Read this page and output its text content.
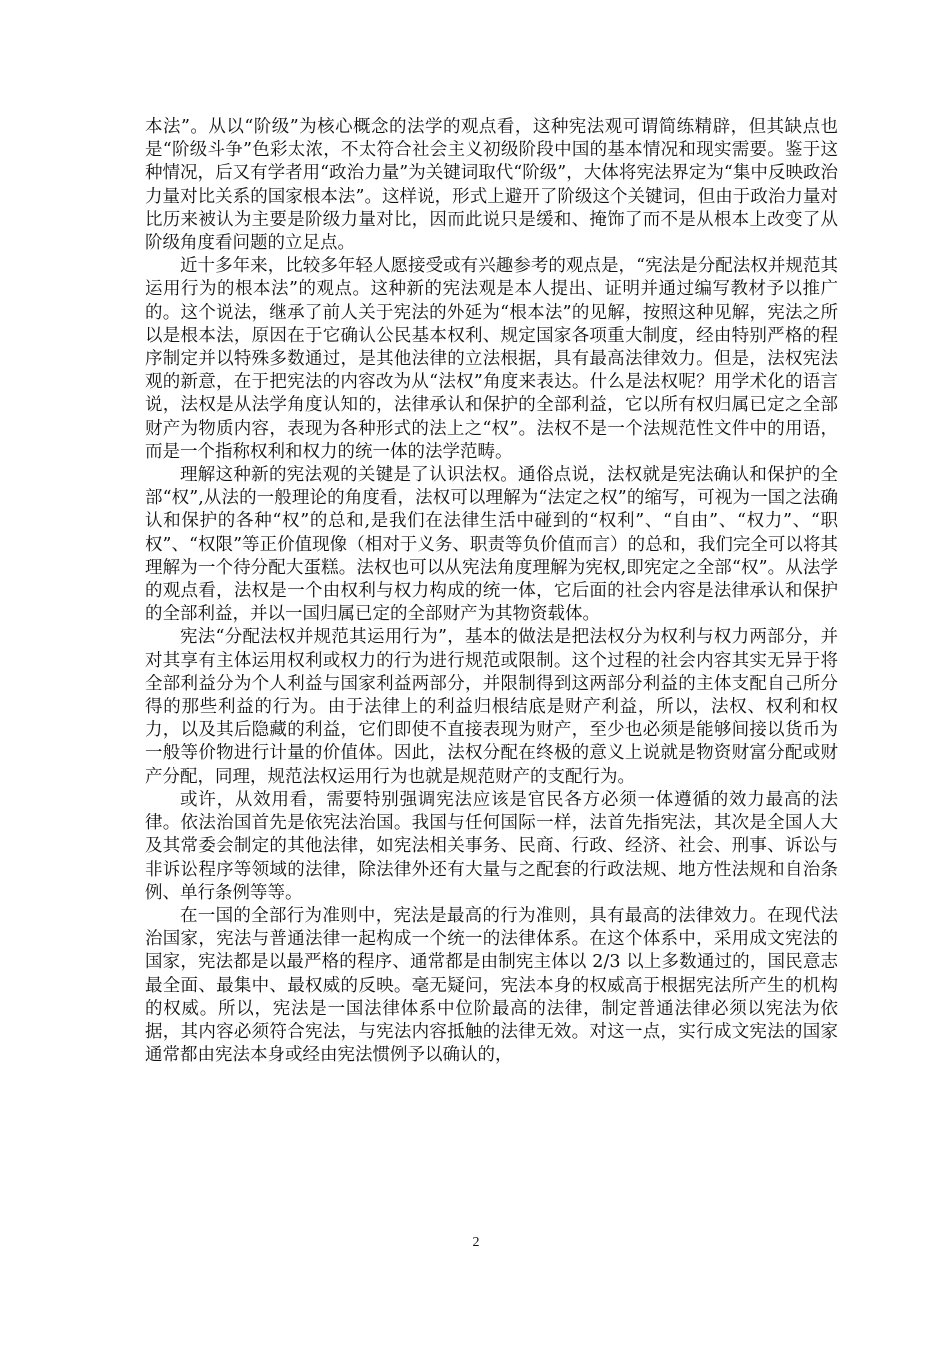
本法”。从以“阶级”为核心概念的法学的观点看，这种宪法观可谓简练精辟，但其缺点也是“阶级斗争”色彩太浓，不太符合社会主义初级阶段中国的基本情况和现实需要。鉴于这种情况，后又有学者用“政治力量”为关键词取代“阶级”，大体将宪法界定为“集中反映政治力量对比关系的国家根本法”。这样说，形式上避开了阶级这个关键词，但由于政治力量对比历来被认为主要是阶级力量对比，因而此说只是缓和、掩饰了而不是从根本上改变了从阶级角度看问题的立足点。

近十多年来，比较多年轻人愿接受或有兴趣参考的观点是，“宪法是分配法权并规范其运用行为的根本法”的观点。这种新的宪法观是本人提出、证明并通过编写教材予以推广的。这个说法，继承了前人关于宪法的外延为“根本法”的见解，按照这种见解，宪法之所以是根本法，原因在于它确认公民基本权利、规定国家各项重大制度，经由特别严格的程序制定并以特殊多数通过，是其他法律的立法根据，具有最高法律效力。但是，法权宪法观的新意，在于把宪法的内容改为从“法权”角度来表达。什么是法权呢？用学术化的语言说，法权是从法学角度认知的，法律承认和保护的全部利益，它以所有权归属已定之全部财产为物质内容，表现为各种形式的法上之“权”。法权不是一个法规范性文件中的用语，而是一个指称权利和权力的统一体的法学范畴。

理解这种新的宪法观的关键是了认识法权。通俗点说，法权就是宪法确认和保护的全部“权”,从法的一般理论的角度看，法权可以理解为“法定之权”的缩写，可视为一国之法确认和保护的各种“权”的总和,是我们在法律生活中碰到的“权利”、“自由”、“权力”、“职权”、“权限”等正价值现像（相对于义务、职责等负价值而言）的总和，我们完全可以将其理解为一个待分配大蛋糕。法权也可以从宪法角度理解为宪权,即宪定之全部“权”。从法学的观点看，法权是一个由权利与权力构成的统一体，它后面的社会内容是法律承认和保护的全部利益，并以一国归属已定的全部财产为其物资载体。

宪法“分配法权并规范其运用行为”，基本的做法是把法权分为权利与权力两部分，并对其享有主体运用权利或权力的行为进行规范或限制。这个过程的社会内容其实无异于将全部利益分为个人利益与国家利益两部分，并限制得到这两部分利益的主体支配自己所分得的那些利益的行为。由于法律上的利益归根结底是财产利益，所以，法权、权利和权力，以及其后隐藏的利益，它们即使不直接表现为财产，至少也必须是能够间接以货币为一般等价物进行计量的价值体。因此，法权分配在终极的意义上说就是物资财富分配或财产分配，同理，规范法权运用行为也就是规范财产的支配行为。

或许，从效用看，需要特别强调宪法应该是官民各方必须一体遵循的效力最高的法律。依法治国首先是依宪法治国。我国与任何国际一样，法首先指宪法，其次是全国人大及其常委会制定的其他法律，如宪法相关事务、民商、行政、经济、社会、刑事、诉讼与非诉讼程序等领域的法律，除法律外还有大量与之配套的行政法规、地方性法规和自治条例、单行条例等等。

在一国的全部行为准则中，宪法是最高的行为准则，具有最高的法律效力。在现代法治国家，宪法与普通法律一起构成一个统一的法律体系。在这个体系中，采用成文宪法的国家，宪法都是以最严格的程序、通常都是由制宪主体以 2/3 以上多数通过的，国民意志最全面、最集中、最权威的反映。毫无疑问，宪法本身的权威高于根据宪法所产生的机构的权威。所以，宪法是一国法律体系中位阶最高的法律，制定普通法律必须以宪法为依据，其内容必须符合宪法，与宪法内容抵触的法律无效。对这一点，实行成文宪法的国家通常都由宪法本身或经由宪法惯例予以确认的，

2
